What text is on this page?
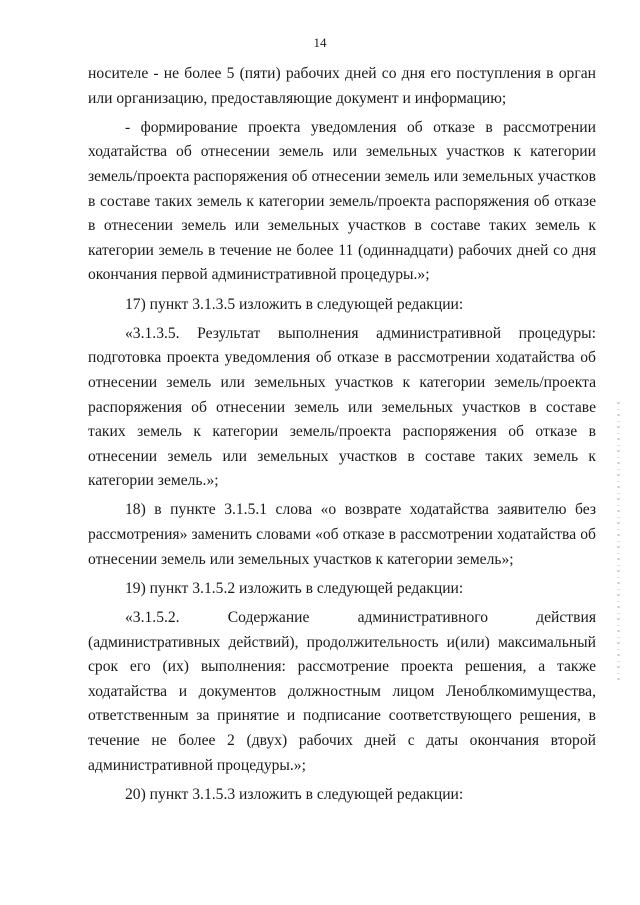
14

носителе - не более 5 (пяти) рабочих дней со дня его поступления в орган или организацию, предоставляющие документ и информацию;

- формирование проекта уведомления об отказе в рассмотрении ходатайства об отнесении земель или земельных участков к категории земель/проекта распоряжения об отнесении земель или земельных участков в составе таких земель к категории земель/проекта распоряжения об отказе в отнесении земель или земельных участков в составе таких земель к категории земель в течение не более 11 (одиннадцати) рабочих дней со дня окончания первой административной процедуры.»;

17) пункт 3.1.3.5 изложить в следующей редакции:

«3.1.3.5. Результат выполнения административной процедуры: подготовка проекта уведомления об отказе в рассмотрении ходатайства об отнесении земель или земельных участков к категории земель/проекта распоряжения об отнесении земель или земельных участков в составе таких земель к категории земель/проекта распоряжения об отказе в отнесении земель или земельных участков в составе таких земель к категории земель.»;

18) в пункте 3.1.5.1 слова «о возврате ходатайства заявителю без рассмотрения» заменить словами «об отказе в рассмотрении ходатайства об отнесении земель или земельных участков к категории земель»;

19) пункт 3.1.5.2 изложить в следующей редакции:

«3.1.5.2. Содержание административного действия (административных действий), продолжительность и(или) максимальный срок его (их) выполнения: рассмотрение проекта решения, а также ходатайства и документов должностным лицом Леноблкомимущества, ответственным за принятие и подписание соответствующего решения, в течение не более 2 (двух) рабочих дней с даты окончания второй административной процедуры.»;

20) пункт 3.1.5.3 изложить в следующей редакции:
